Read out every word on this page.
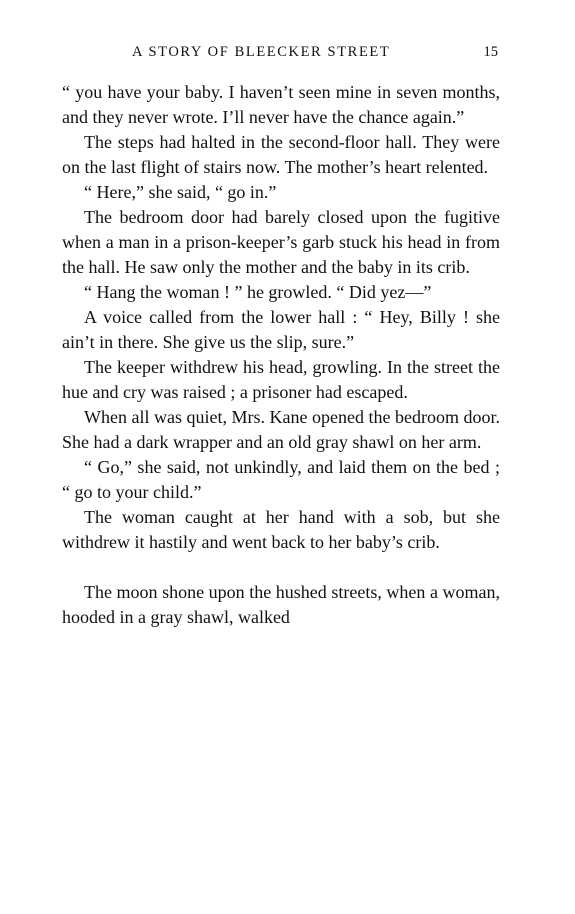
A STORY OF BLEECKER STREET	15

“ you have your baby. I haven’t seen mine in seven months, and they never wrote. I’ll never have the chance again.”

The steps had halted in the second-floor hall. They were on the last flight of stairs now. The mother’s heart relented.

“ Here,” she said, “ go in.”

The bedroom door had barely closed upon the fugitive when a man in a prison-keeper’s garb stuck his head in from the hall. He saw only the mother and the baby in its crib.

“ Hang the woman ! ” he growled. “ Did yez—”

A voice called from the lower hall : “ Hey, Billy ! she ain’t in there. She give us the slip, sure.”

The keeper withdrew his head, growling. In the street the hue and cry was raised ; a prisoner had escaped.

When all was quiet, Mrs. Kane opened the bedroom door. She had a dark wrapper and an old gray shawl on her arm.

“ Go,” she said, not unkindly, and laid them on the bed ; “ go to your child.”

The woman caught at her hand with a sob, but she withdrew it hastily and went back to her baby’s crib.

The moon shone upon the hushed streets, when a woman, hooded in a gray shawl, walked
